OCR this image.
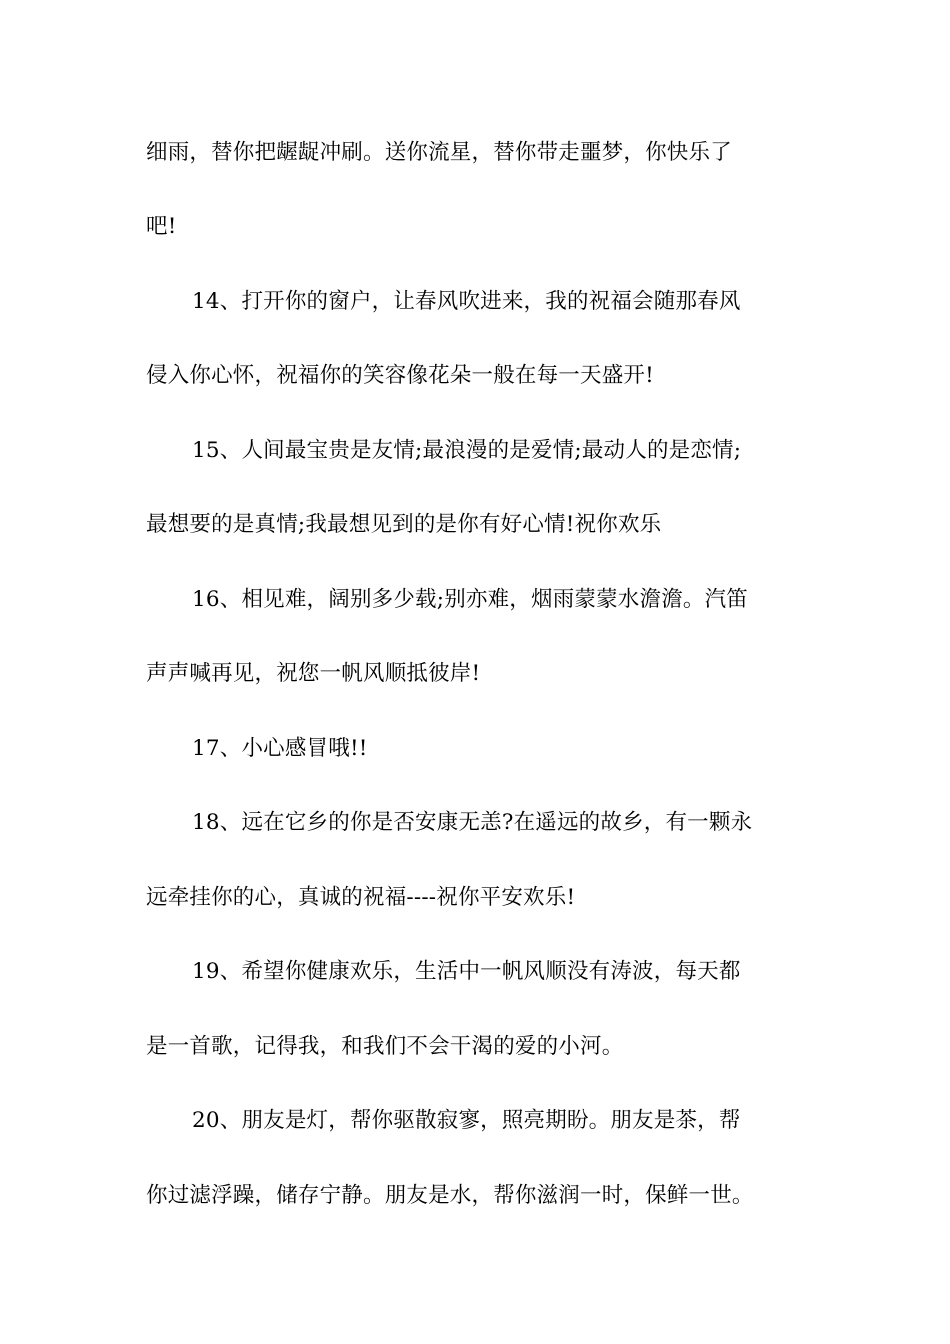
细雨，替你把龌龊冲刷。送你流星，替你带走噩梦，你快乐了
吧!
14、打开你的窗户，让春风吹进来，我的祝福会随那春风
侵入你心怀，祝福你的笑容像花朵一般在每一天盛开!
15、人间最宝贵是友情;最浪漫的是爱情;最动人的是恋情;
最想要的是真情;我最想见到的是你有好心情!祝你欢乐
16、相见难，阔别多少载;别亦难，烟雨蒙蒙水澹澹。汽笛
声声喊再见，祝您一帆风顺抵彼岸!
17、小心感冒哦!!
18、远在它乡的你是否安康无恙?在遥远的故乡，有一颗永
远牵挂你的心，真诚的祝福----祝你平安欢乐!
19、希望你健康欢乐，生活中一帆风顺没有涛波，每天都
是一首歌，记得我，和我们不会干渴的爱的小河。
20、朋友是灯，帮你驱散寂寥，照亮期盼。朋友是茶，帮
你过滤浮躁，储存宁静。朋友是水，帮你滋润一时，保鲜一世。
